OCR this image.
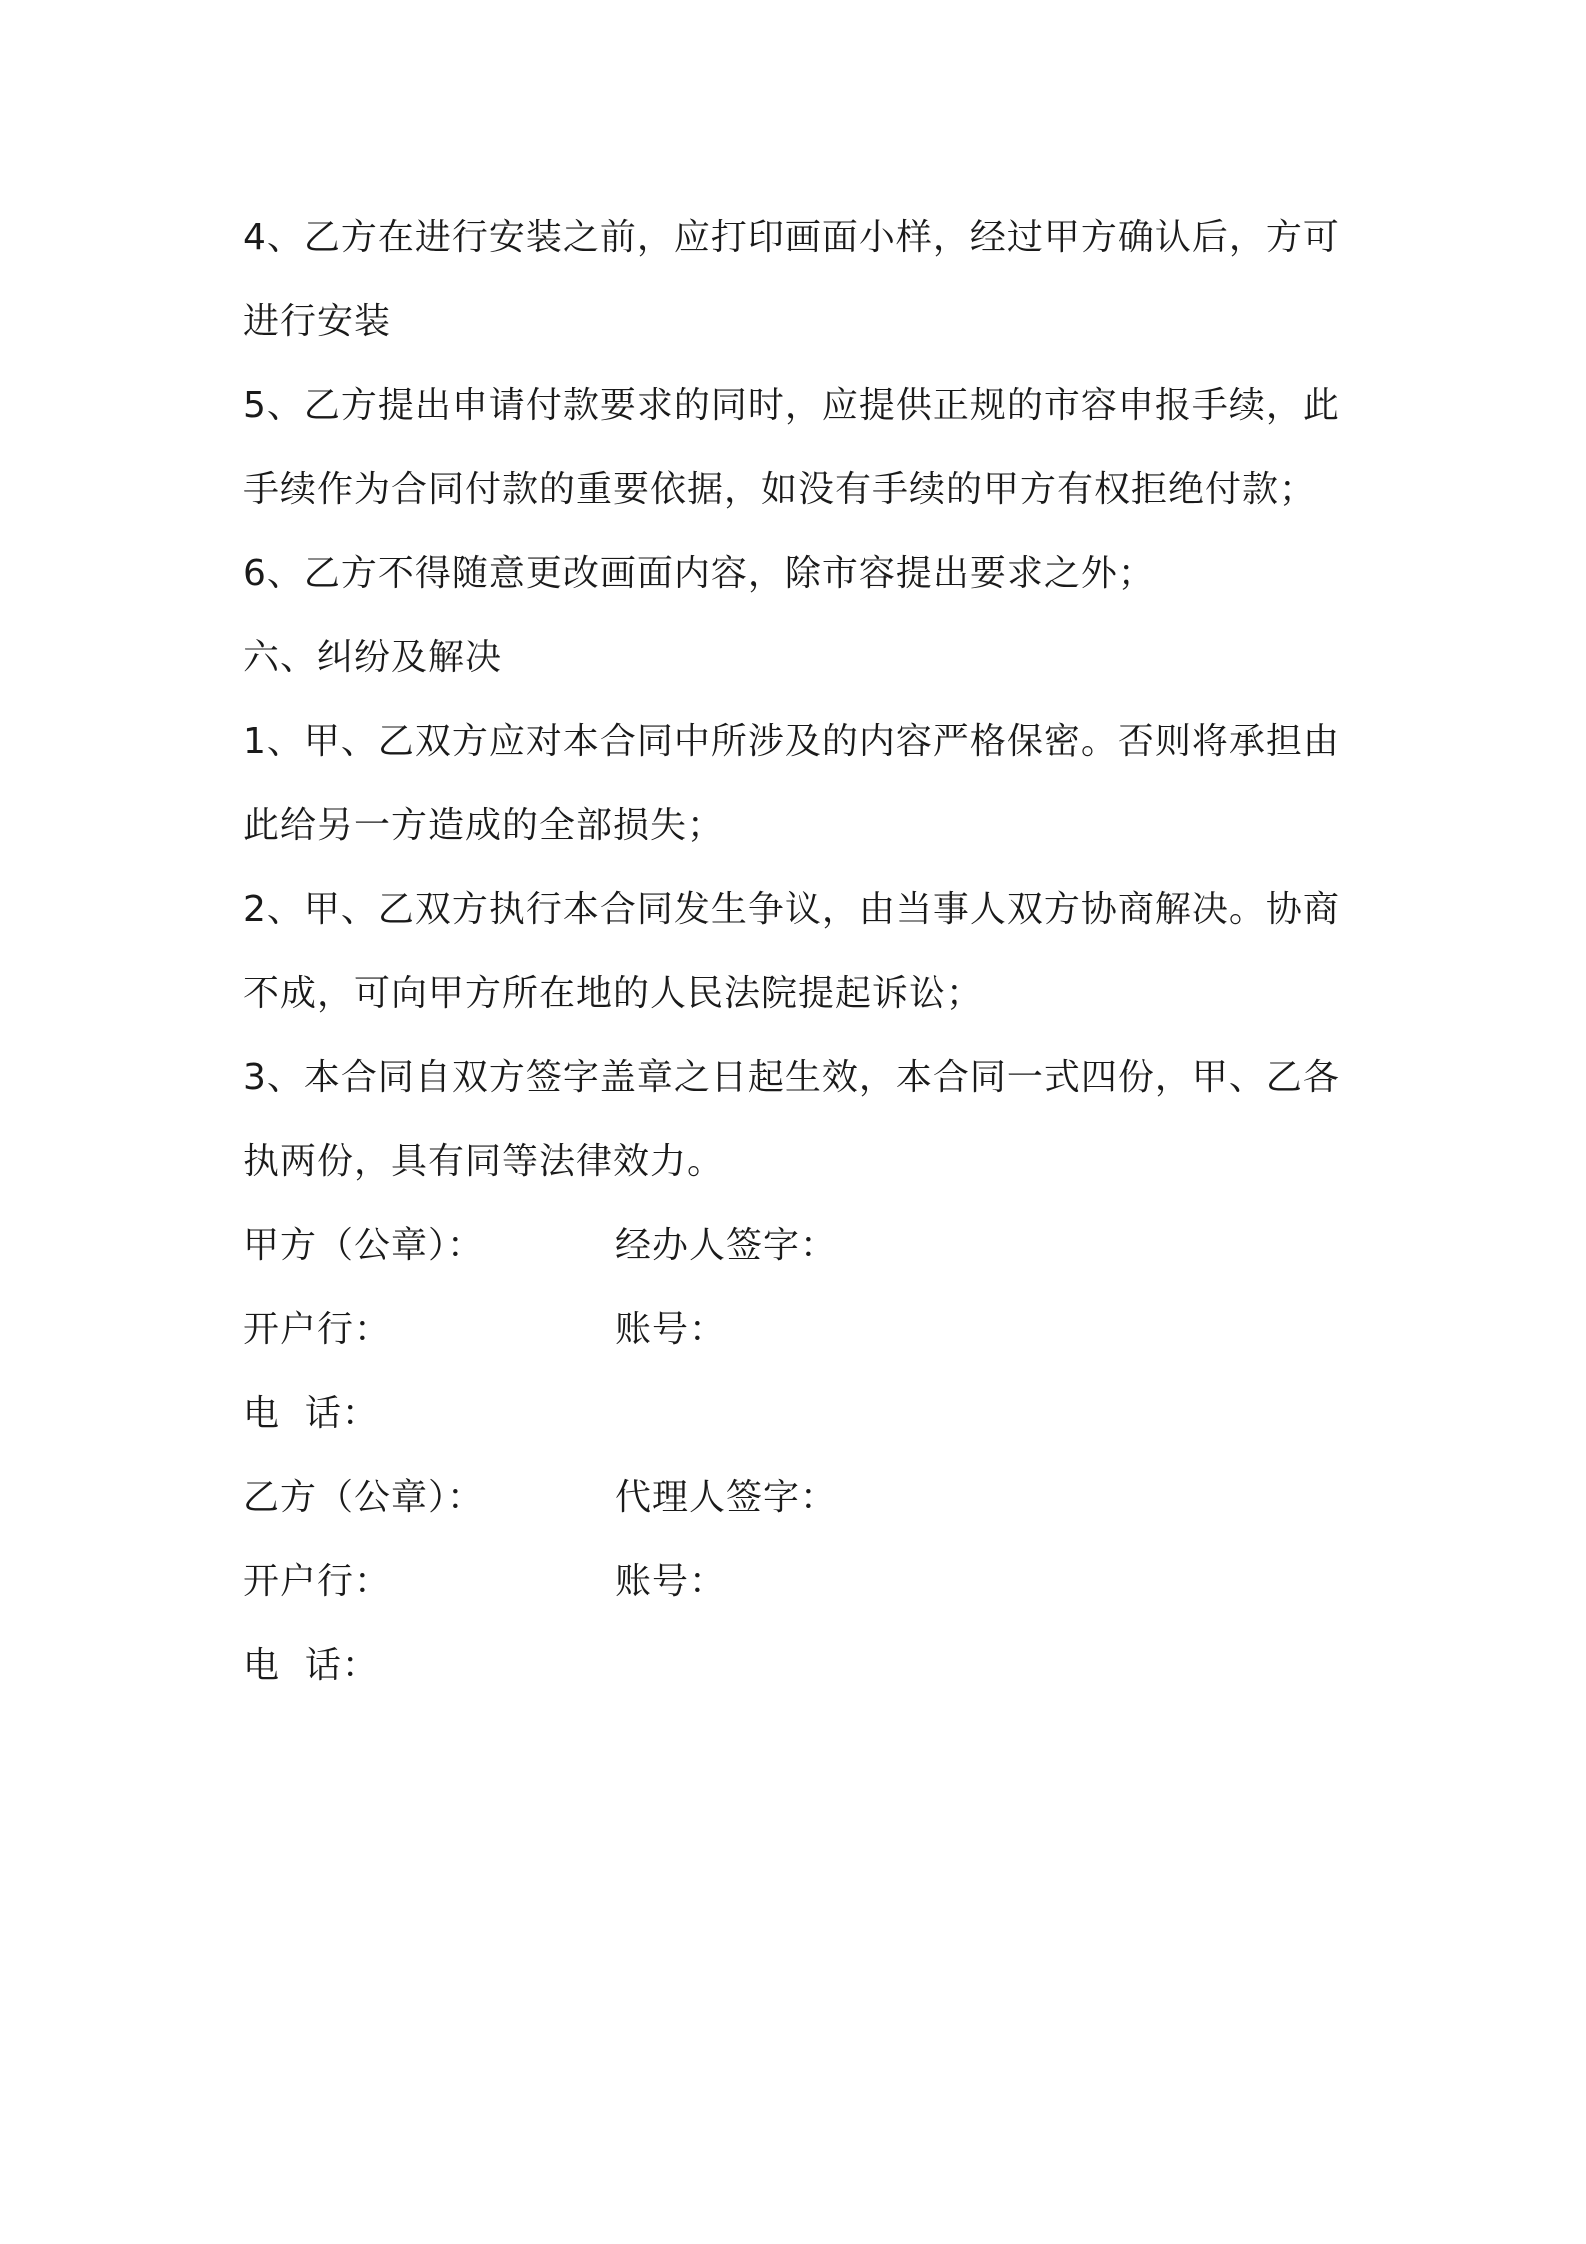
4、乙方在进行安装之前，应打印画面小样，经过甲方确认后，方可
进行安装
5、乙方提出申请付款要求的同时，应提供正规的市容申报手续，此
手续作为合同付款的重要依据，如没有手续的甲方有权拒绝付款；
6、乙方不得随意更改画面内容，除市容提出要求之外；
六、纠纷及解决
1、甲、乙双方应对本合同中所涉及的内容严格保密。否则将承担由
此给另一方造成的全部损失；
2、甲、乙双方执行本合同发生争议，由当事人双方协商解决。协商
不成，可向甲方所在地的人民法院提起诉讼；
3、本合同自双方签字盖章之日起生效，本合同一式四份，甲、乙各
执两份，具有同等法律效力。
甲方（公章）：	经办人签字：
开户行：	账号：
电  话：
乙方（公章）：	代理人签字：
开户行：	账号：
电  话：
